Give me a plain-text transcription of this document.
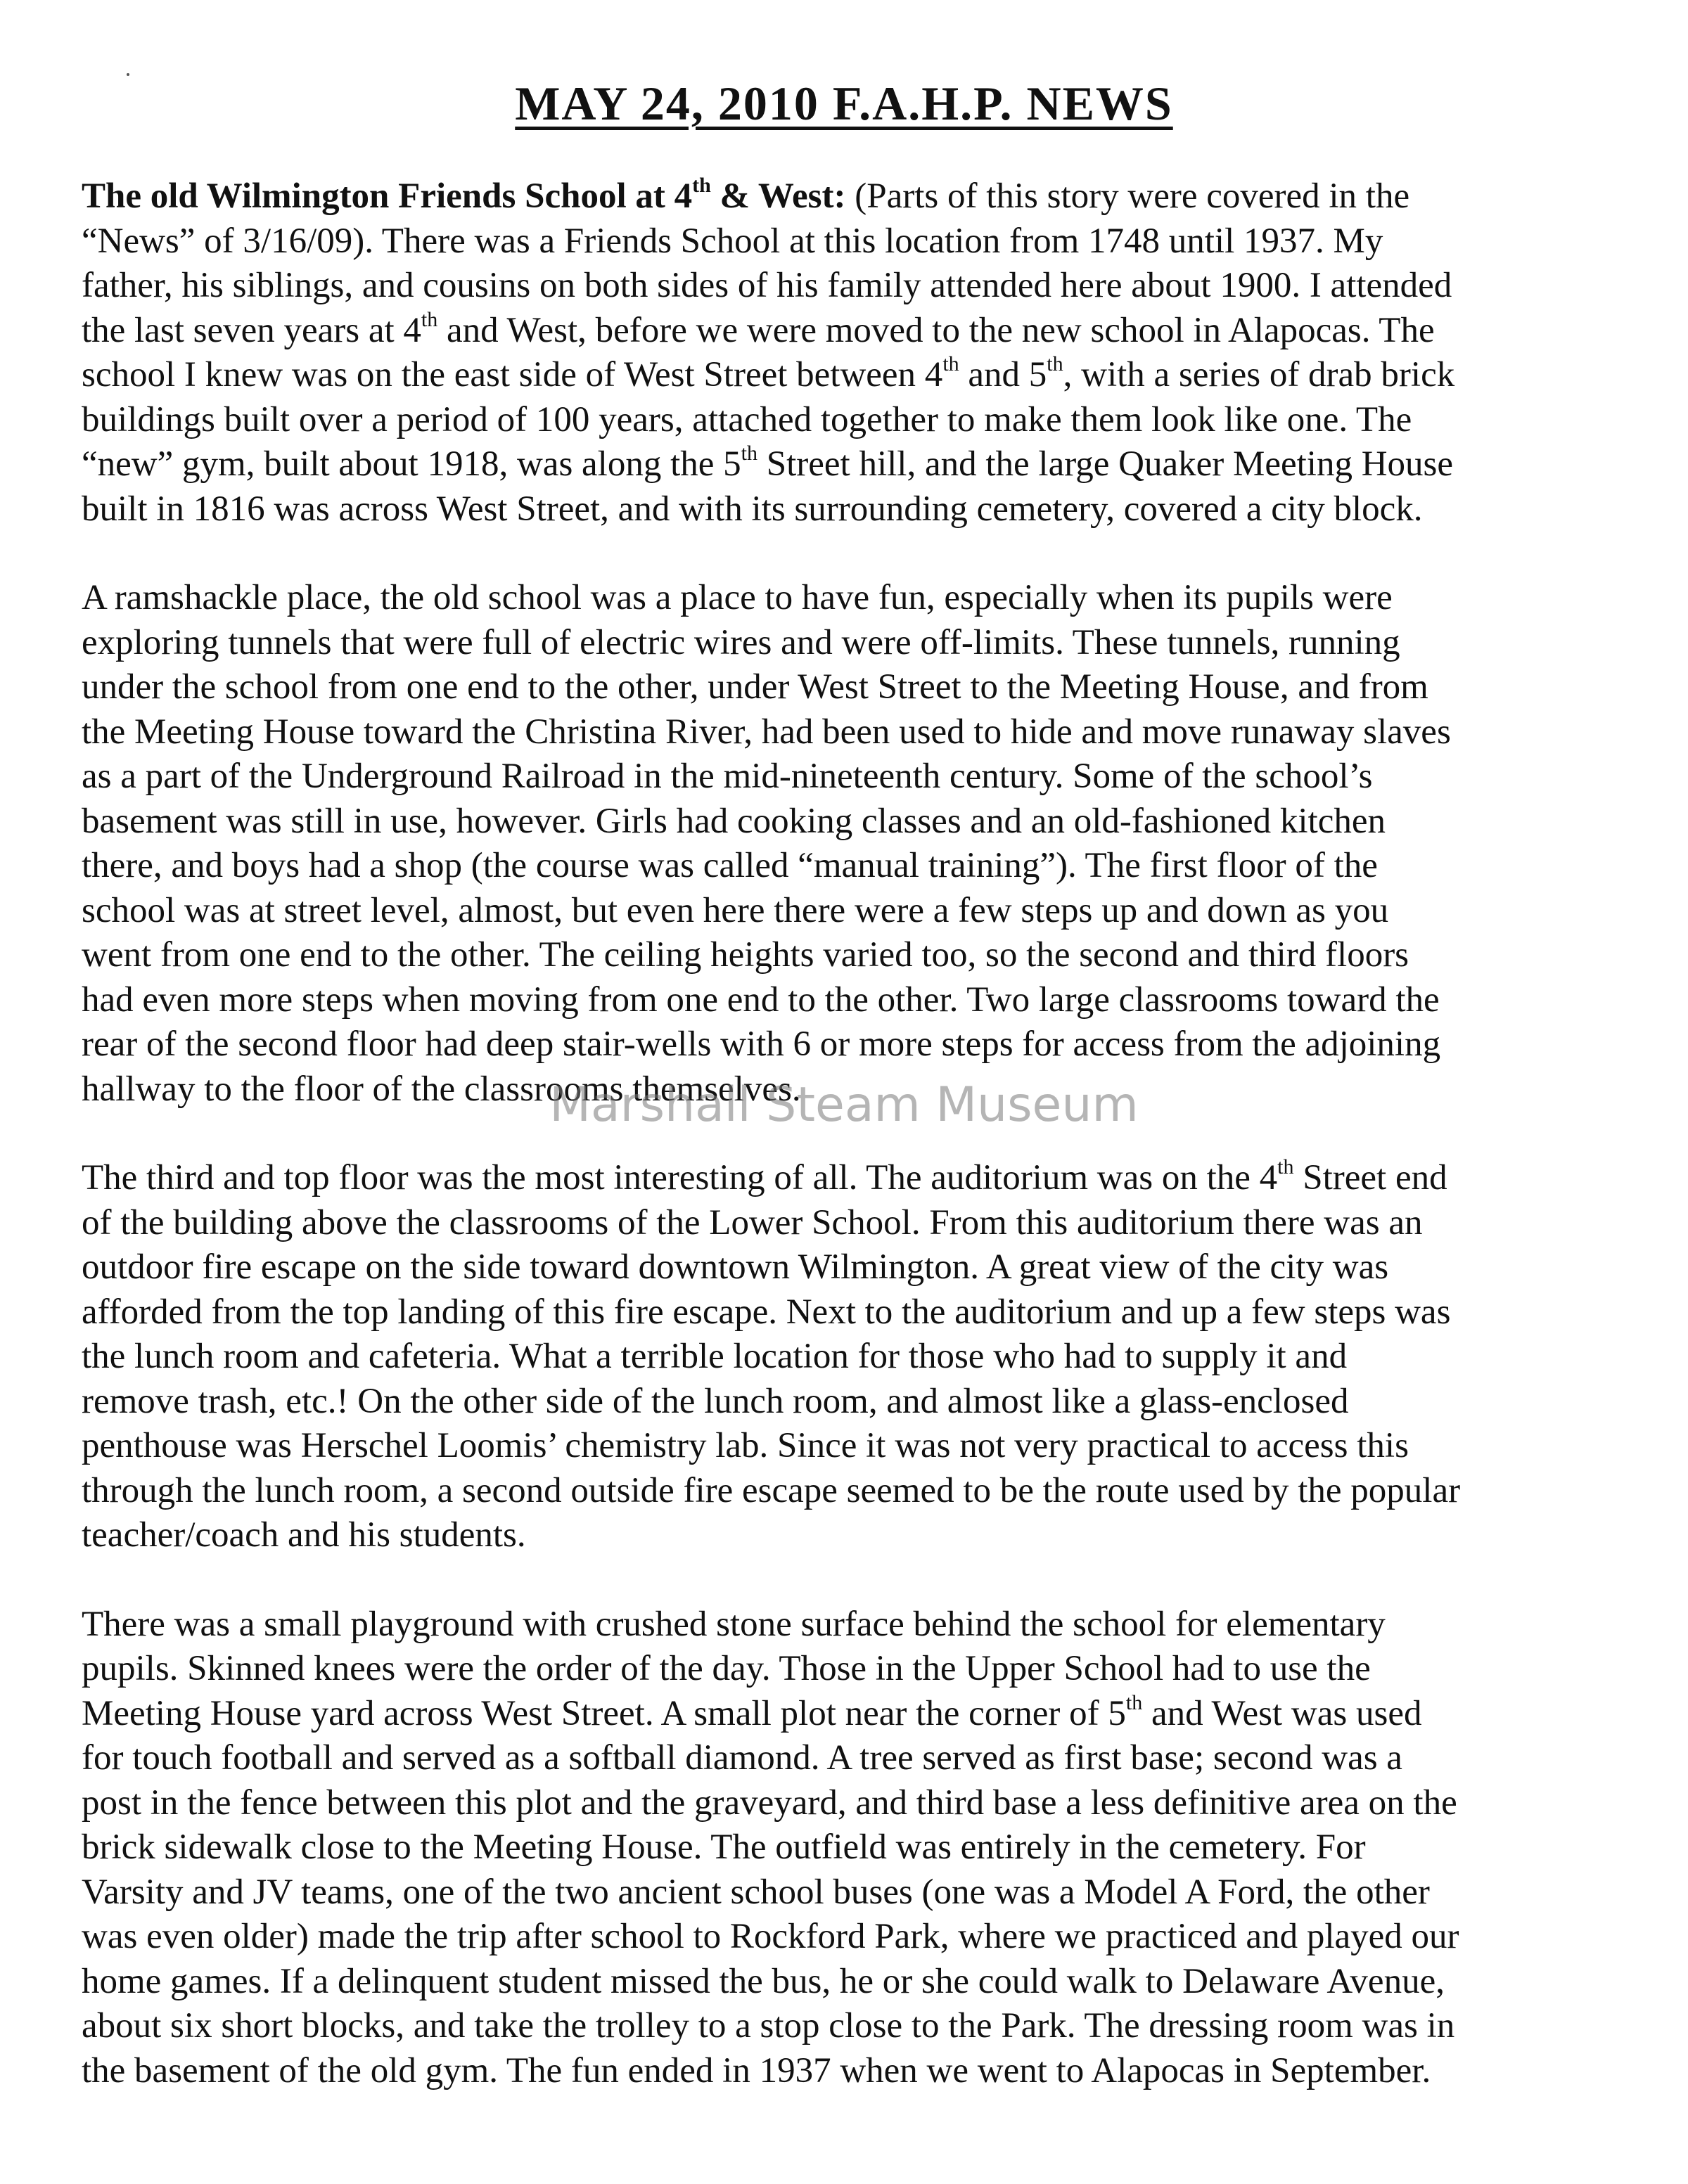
MAY 24, 2010 F.A.H.P. NEWS
The old Wilmington Friends School at 4th & West: (Parts of this story were covered in the
“News” of 3/16/09). There was a Friends School at this location from 1748 until 1937. My
father, his siblings, and cousins on both sides of his family attended here about 1900. I attended
the last seven years at 4th and West, before we were moved to the new school in Alapocas. The
school I knew was on the east side of West Street between 4th and 5th, with a series of drab brick
buildings built over a period of 100 years, attached together to make them look like one. The
“new” gym, built about 1918, was along the 5th Street hill, and the large Quaker Meeting House
built in 1816 was across West Street, and with its surrounding cemetery, covered a city block.
A ramshackle place, the old school was a place to have fun, especially when its pupils were
exploring tunnels that were full of electric wires and were off-limits. These tunnels, running
under the school from one end to the other, under West Street to the Meeting House, and from
the Meeting House toward the Christina River, had been used to hide and move runaway slaves
as a part of the Underground Railroad in the mid-nineteenth century. Some of the school’s
basement was still in use, however. Girls had cooking classes and an old-fashioned kitchen
there, and boys had a shop (the course was called “manual training”). The first floor of the
school was at street level, almost, but even here there were a few steps up and down as you
went from one end to the other. The ceiling heights varied too, so the second and third floors
had even more steps when moving from one end to the other. Two large classrooms toward the
rear of the second floor had deep stair-wells with 6 or more steps for access from the adjoining
hallway to the floor of the classrooms themselves.
The third and top floor was the most interesting of all. The auditorium was on the 4th Street end
of the building above the classrooms of the Lower School. From this auditorium there was an
outdoor fire escape on the side toward downtown Wilmington. A great view of the city was
afforded from the top landing of this fire escape. Next to the auditorium and up a few steps was
the lunch room and cafeteria. What a terrible location for those who had to supply it and
remove trash, etc.! On the other side of the lunch room, and almost like a glass-enclosed
penthouse was Herschel Loomis’ chemistry lab. Since it was not very practical to access this
through the lunch room, a second outside fire escape seemed to be the route used by the popular
teacher/coach and his students.
There was a small playground with crushed stone surface behind the school for elementary
pupils. Skinned knees were the order of the day. Those in the Upper School had to use the
Meeting House yard across West Street. A small plot near the corner of 5th and West was used
for touch football and served as a softball diamond. A tree served as first base; second was a
post in the fence between this plot and the graveyard, and third base a less definitive area on the
brick sidewalk close to the Meeting House. The outfield was entirely in the cemetery. For
Varsity and JV teams, one of the two ancient school buses (one was a Model A Ford, the other
was even older) made the trip after school to Rockford Park, where we practiced and played our
home games. If a delinquent student missed the bus, he or she could walk to Delaware Avenue,
about six short blocks, and take the trolley to a stop close to the Park. The dressing room was in
the basement of the old gym. The fun ended in 1937 when we went to Alapocas in September.
Marshall Steam Museum
